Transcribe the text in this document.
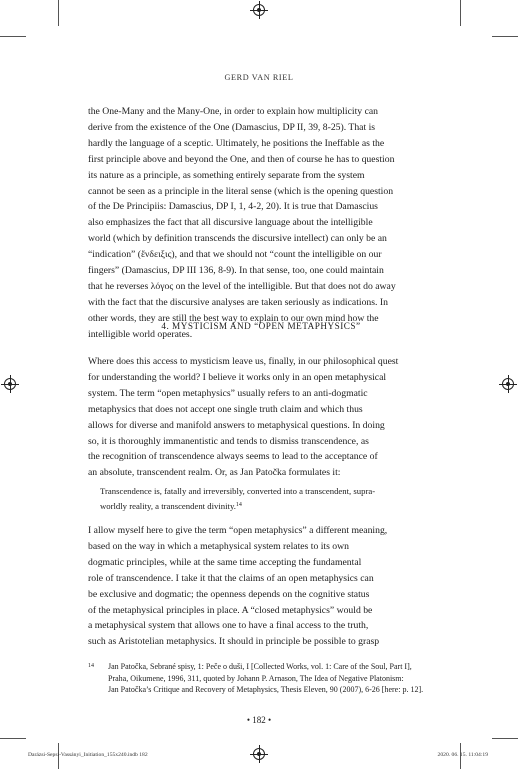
GERD VAN RIEL

the One-Many and the Many-One, in order to explain how multiplicity can
derive from the existence of the One (Damascius, DP II, 39, 8-25). That is
hardly the language of a sceptic. Ultimately, he positions the Ineffable as the
first principle above and beyond the One, and then of course he has to question
its nature as a principle, as something entirely separate from the system
cannot be seen as a principle in the literal sense (which is the opening question
of the De Principiis: Damascius, DP I, 1, 4-2, 20). It is true that Damascius
also emphasizes the fact that all discursive language about the intelligible
world (which by definition transcends the discursive intellect) can only be an
“indication” (ἔνδειξις), and that we should not “count the intelligible on our
fingers” (Damascius, DP III 136, 8-9). In that sense, too, one could maintain
that he reverses λόγος on the level of the intelligible. But that does not do away
with the fact that the discursive analyses are taken seriously as indications. In
other words, they are still the best way to explain to our own mind how the
intelligible world operates.

4. MYSTICISM AND “OPEN METAPHYSICS”

Where does this access to mysticism leave us, finally, in our philosophical quest
for understanding the world? I believe it works only in an open metaphysical
system. The term “open metaphysics” usually refers to an anti-dogmatic
metaphysics that does not accept one single truth claim and which thus
allows for diverse and manifold answers to metaphysical questions. In doing
so, it is thoroughly immanentistic and tends to dismiss transcendence, as
the recognition of transcendence always seems to lead to the acceptance of
an absolute, transcendent realm. Or, as Jan Patočka formulates it:

Transcendence is, fatally and irreversibly, converted into a transcendent, supra-
worldly reality, a transcendent divinity.$^{14}$

I allow myself here to give the term “open metaphysics” a different meaning,
based on the way in which a metaphysical system relates to its own
dogmatic principles, while at the same time accepting the fundamental
role of transcendence. I take it that the claims of an open metaphysics can
be exclusive and dogmatic; the openness depends on the cognitive status
of the metaphysical principles in place. A “closed metaphysics” would be
a metaphysical system that allows one to have a final access to the truth,
such as Aristotelian metaphysics. It should in principle be possible to grasp

14 Jan Patočka, Sebrané spisy, 1: Peče o duši, I [Collected Works, vol. 1: Care of the Soul, Part I],
Praha, Oikumene, 1996, 311, quoted by Johann P. Arnason, The Idea of Negative Platonism:
Jan Patočka’s Critique and Recovery of Metaphysics, Thesis Eleven, 90 (2007), 6-26 [here: p. 12].
• 182 •
Darázsi-Sepsi-Vassányi_Initiation_155x240.indb 182	2020. 06. 15. 11:04:19
